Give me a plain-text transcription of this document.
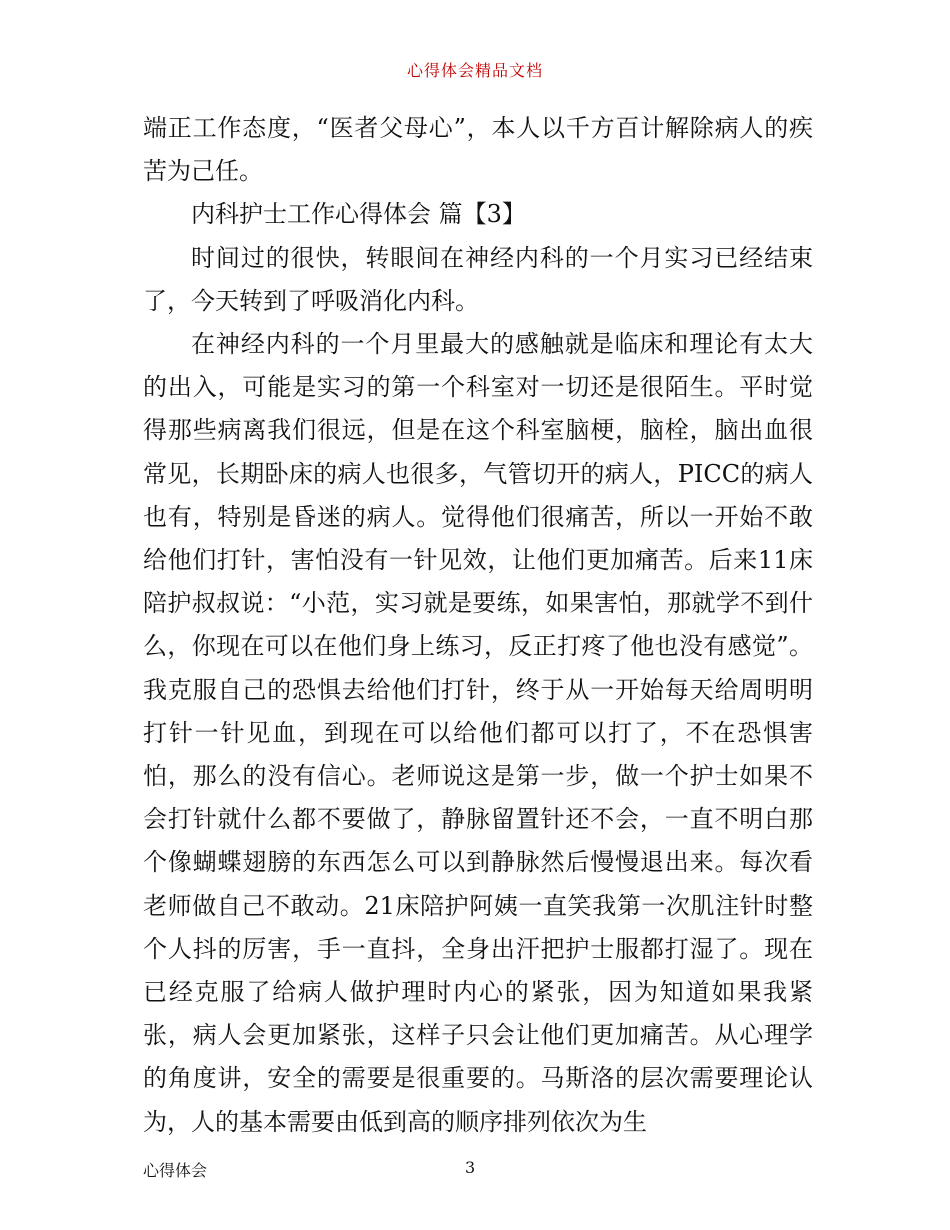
心得体会精品文档

端正工作态度，“医者父母心”，本人以千方百计解除病人的疾苦为己任。

内科护士工作心得体会 篇【3】

时间过的很快，转眼间在神经内科的一个月实习已经结束了，今天转到了呼吸消化内科。

在神经内科的一个月里最大的感触就是临床和理论有太大的出入，可能是实习的第一个科室对一切还是很陌生。平时觉得那些病离我们很远，但是在这个科室脑梗，脑栓，脑出血很常见，长期卧床的病人也很多，气管切开的病人，PICC的病人也有，特别是昏迷的病人。觉得他们很痛苦，所以一开始不敢给他们打针，害怕没有一针见效，让他们更加痛苦。后来11床陪护叔叔说：“小范，实习就是要练，如果害怕，那就学不到什么，你现在可以在他们身上练习，反正打疼了他也没有感觉”。我克服自己的恐惧去给他们打针，终于从一开始每天给周明明打针一针见血，到现在可以给他们都可以打了，不在恐惧害怕，那么的没有信心。老师说这是第一步，做一个护士如果不会打针就什么都不要做了，静脉留置针还不会，一直不明白那个像蝴蝶翅膀的东西怎么可以到静脉然后慢慢退出来。每次看老师做自己不敢动。21床陪护阿姨一直笑我第一次肌注针时整个人抖的厉害，手一直抖，全身出汗把护士服都打湿了。现在已经克服了给病人做护理时内心的紧张，因为知道如果我紧张，病人会更加紧张，这样子只会让他们更加痛苦。从心理学的角度讲，安全的需要是很重要的。马斯洛的层次需要理论认为，人的基本需要由低到高的顺序排列依次为生

心得体会	3
